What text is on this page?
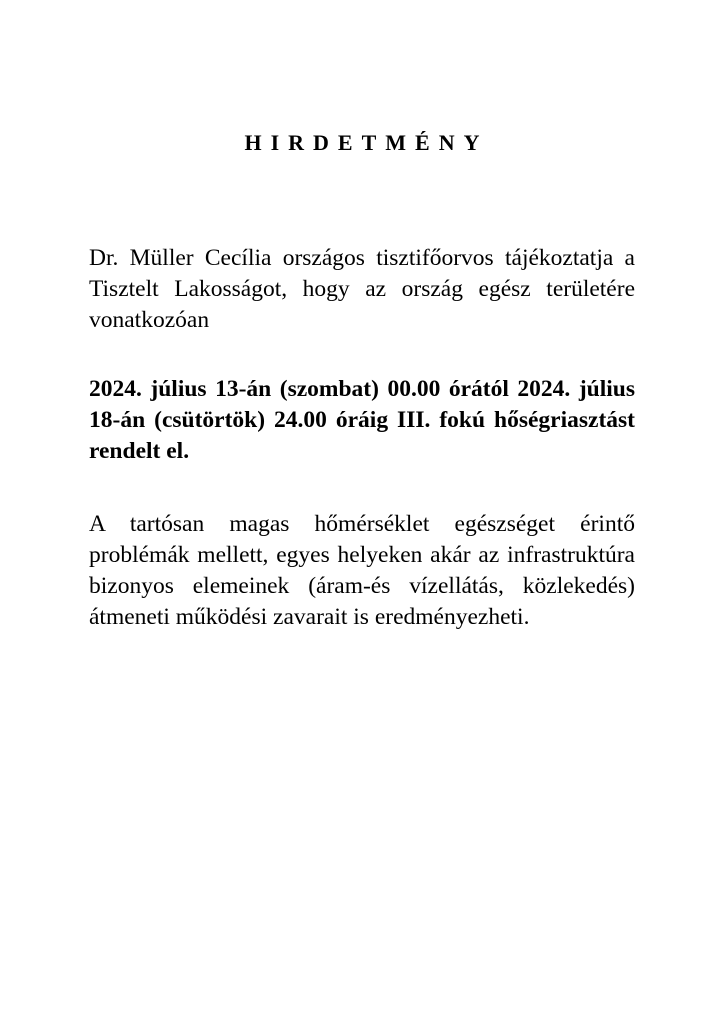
HIRDETMÉNY

Dr. Müller Cecília országos tisztifőorvos tájékoztatja a Tisztelt Lakosságot, hogy az ország egész területére vonatkozóan

2024. július 13-án (szombat) 00.00 órától 2024. július 18-án (csütörtök) 24.00 óráig III. fokú hőségriasztást rendelt el.

A tartósan magas hőmérséklet egészséget érintő problémák mellett, egyes helyeken akár az infrastruktúra bizonyos elemeinek (áram-és vízellátás, közlekedés) átmeneti működési zavarait is eredményezheti.
